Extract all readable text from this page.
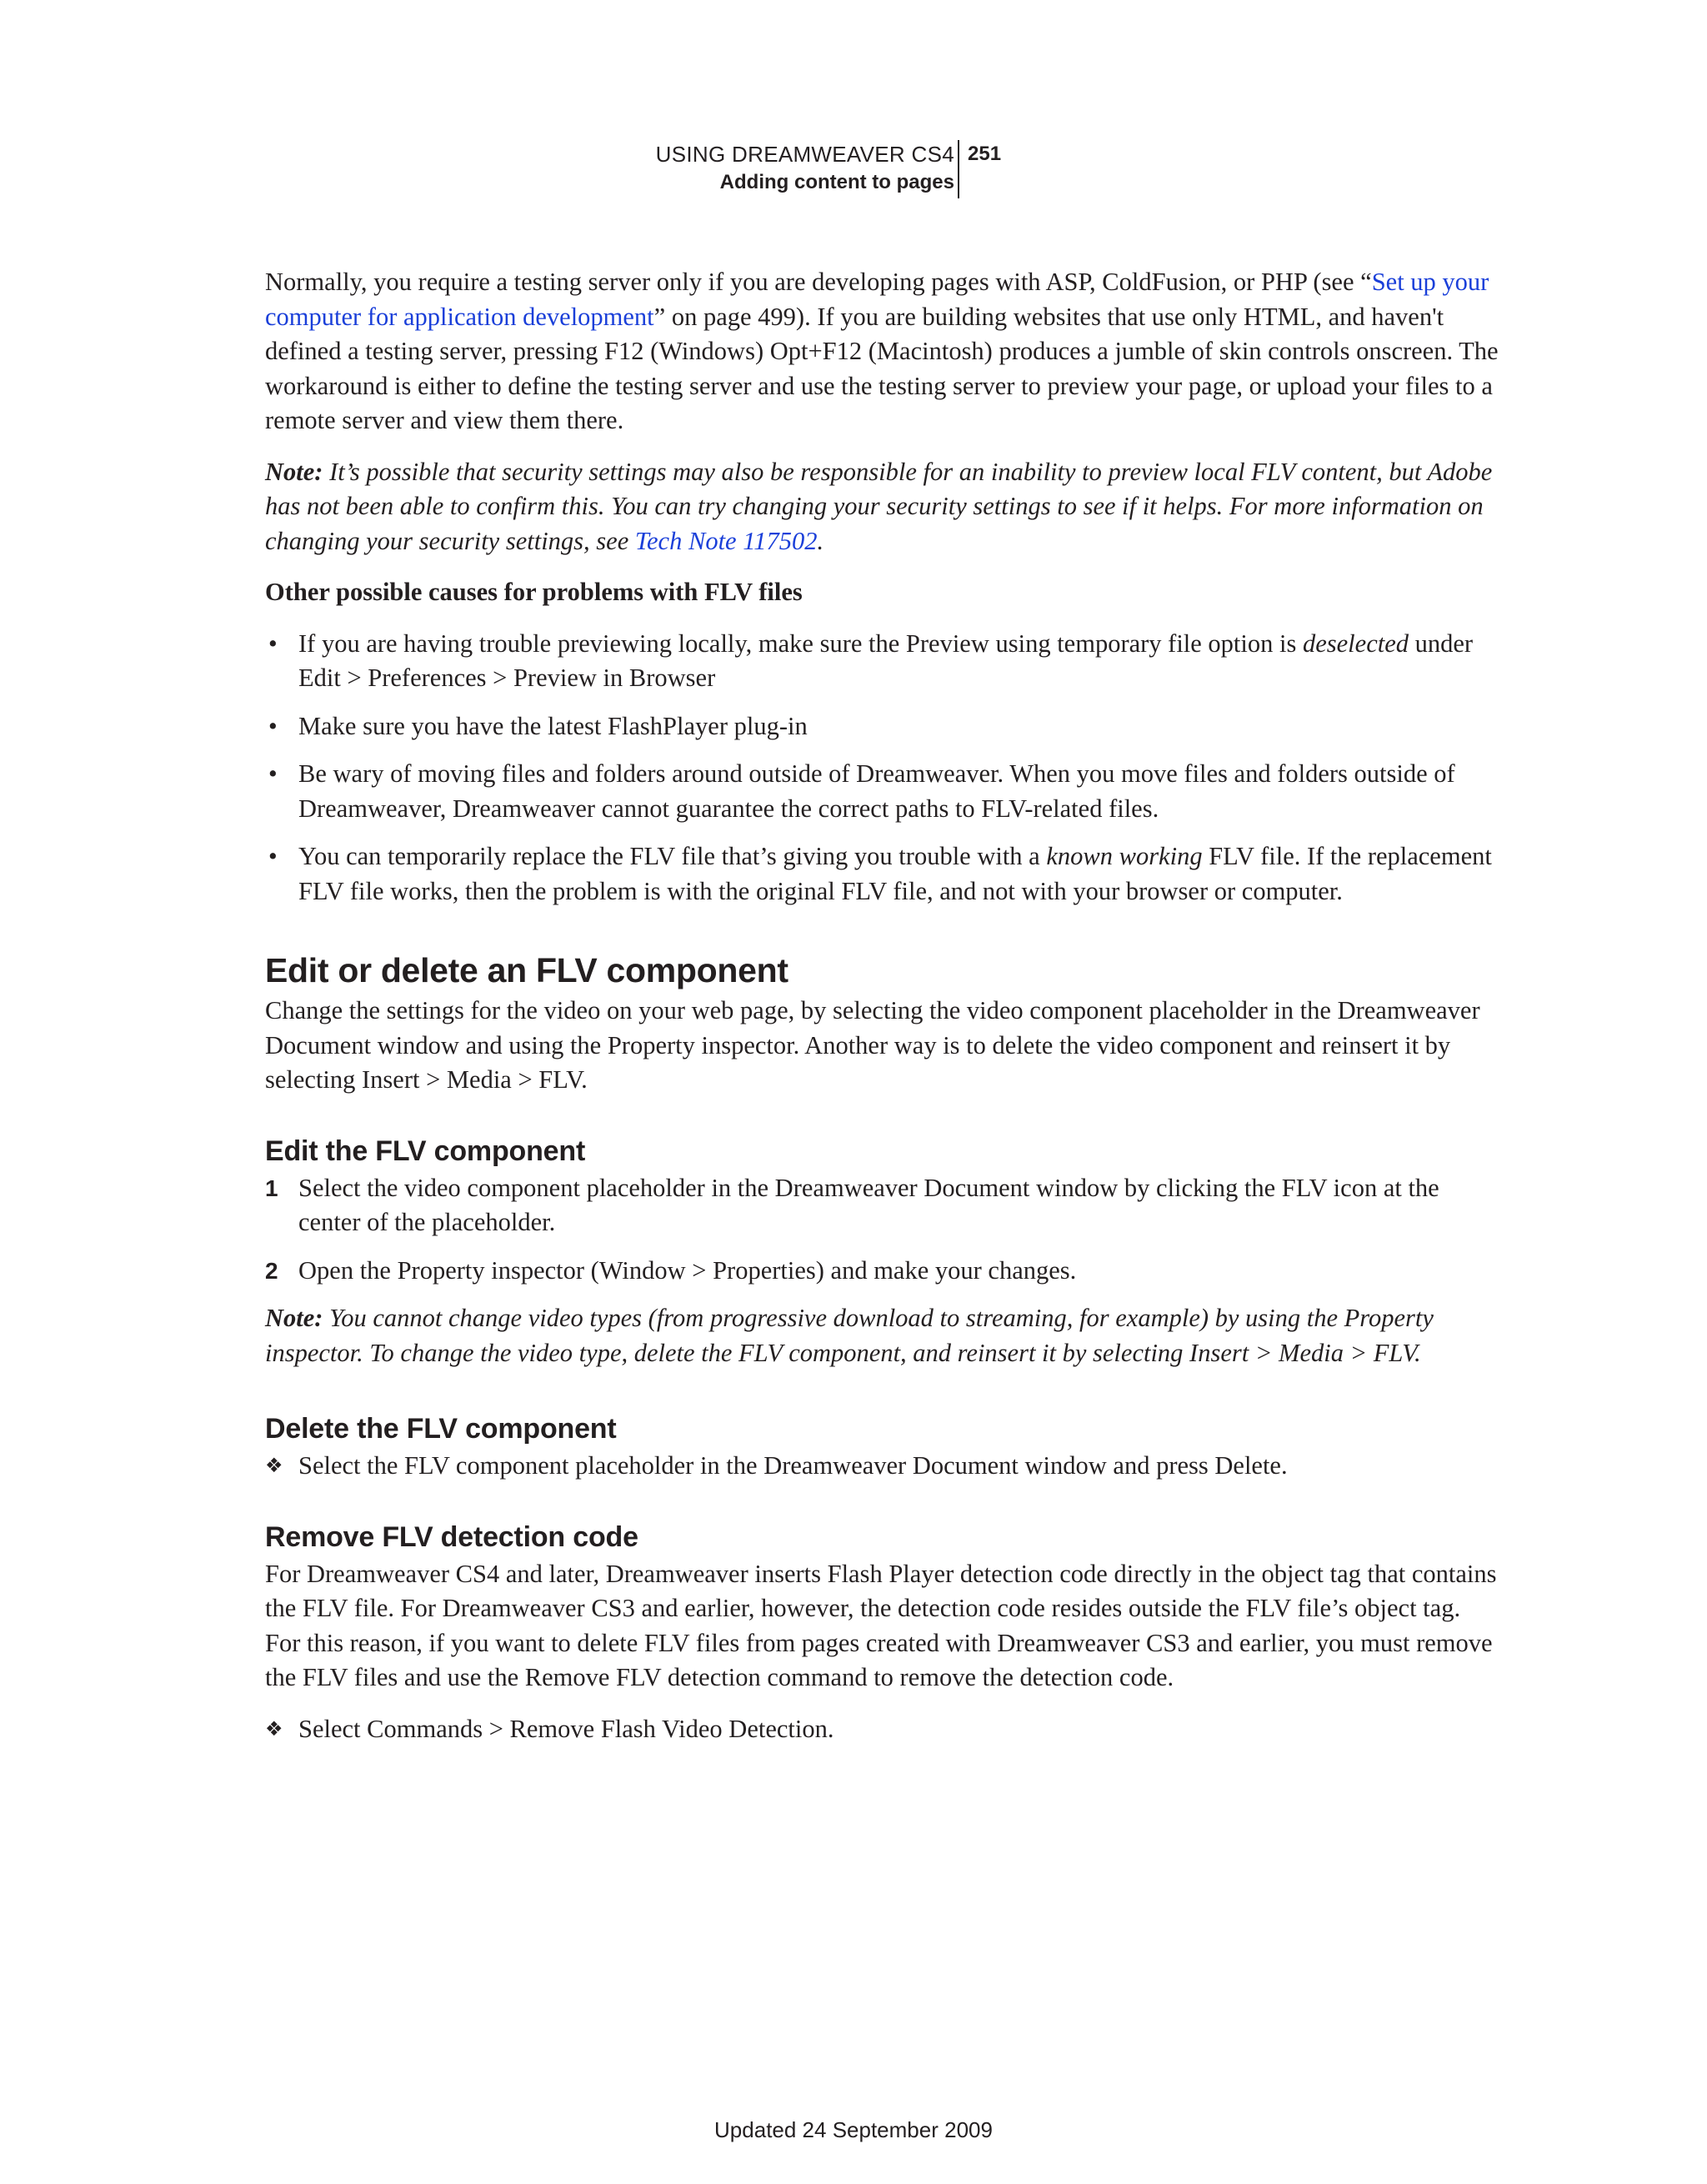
USING DREAMWEAVER CS4
Adding content to pages
251

Normally, you require a testing server only if you are developing pages with ASP, ColdFusion, or PHP (see “Set up your computer for application development” on page 499). If you are building websites that use only HTML, and haven't defined a testing server, pressing F12 (Windows) Opt+F12 (Macintosh) produces a jumble of skin controls onscreen. The workaround is either to define the testing server and use the testing server to preview your page, or upload your files to a remote server and view them there.

Note: It’s possible that security settings may also be responsible for an inability to preview local FLV content, but Adobe has not been able to confirm this. You can try changing your security settings to see if it helps. For more information on changing your security settings, see Tech Note 117502.

Other possible causes for problems with FLV files

• If you are having trouble previewing locally, make sure the Preview using temporary file option is deselected under Edit > Preferences > Preview in Browser
• Make sure you have the latest FlashPlayer plug-in
• Be wary of moving files and folders around outside of Dreamweaver. When you move files and folders outside of Dreamweaver, Dreamweaver cannot guarantee the correct paths to FLV-related files.
• You can temporarily replace the FLV file that’s giving you trouble with a known working FLV file. If the replacement FLV file works, then the problem is with the original FLV file, and not with your browser or computer.
Edit or delete an FLV component

Change the settings for the video on your web page, by selecting the video component placeholder in the Dreamweaver Document window and using the Property inspector. Another way is to delete the video component and reinsert it by selecting Insert > Media > FLV.

Edit the FLV component
1 Select the video component placeholder in the Dreamweaver Document window by clicking the FLV icon at the center of the placeholder.
2 Open the Property inspector (Window > Properties) and make your changes.

Note: You cannot change video types (from progressive download to streaming, for example) by using the Property inspector. To change the video type, delete the FLV component, and reinsert it by selecting Insert > Media > FLV.

Delete the FLV component
❖ Select the FLV component placeholder in the Dreamweaver Document window and press Delete.
Remove FLV detection code

For Dreamweaver CS4 and later, Dreamweaver inserts Flash Player detection code directly in the object tag that contains the FLV file. For Dreamweaver CS3 and earlier, however, the detection code resides outside the FLV file’s object tag. For this reason, if you want to delete FLV files from pages created with Dreamweaver CS3 and earlier, you must remove the FLV files and use the Remove FLV detection command to remove the detection code.

❖ Select Commands > Remove Flash Video Detection.
Updated 24 September 2009
